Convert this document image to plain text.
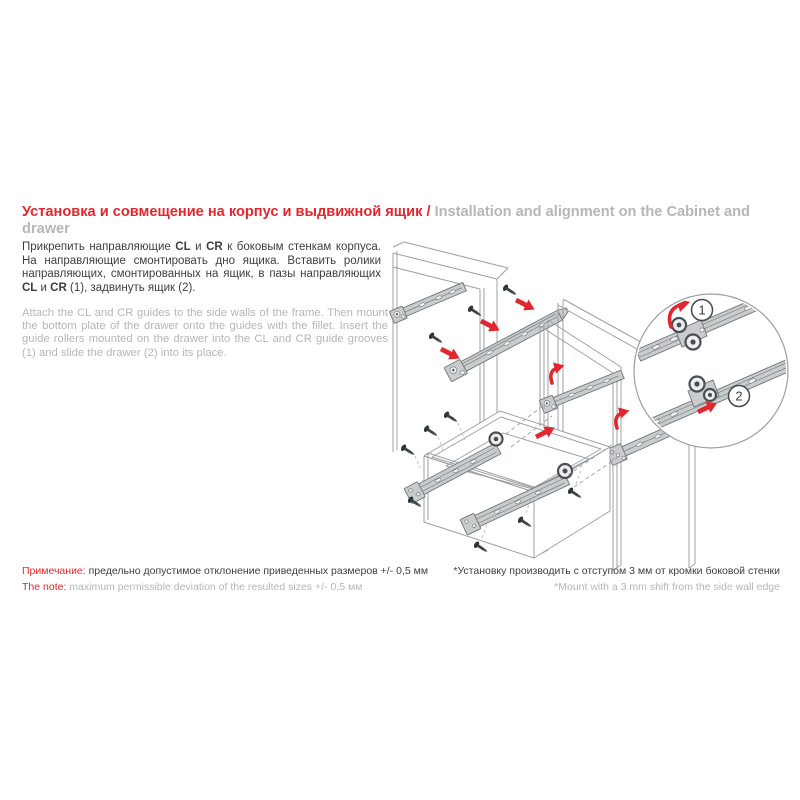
Установка и совмещение на корпус и выдвижной ящик / Installation and alignment on the Cabinet and drawer

Прикрепить направляющие CL и CR к боковым стенкам корпуса. На направляющие смонтировать дно ящика. Вставить ролики направляющих, смонтированных на ящик, в пазы направляющих CL и CR (1), задвинуть ящик (2).

Attach the CL and CR guides to the side walls of the frame. Then mount the bottom plate of the drawer onto the guides with the fillet. Insert the guide rollers mounted on the drawer into the CL and CR guide grooves (1) and slide the drawer (2) into its place.

1
2
Примечание: предельно допустимое отклонение приведенных размеров +/- 0,5 мм
The note: maximum permissible deviation of the resulted sizes +/- 0,5 мм
*Установку производить с отступом 3 мм от кромки боковой стенки
*Mount with a 3 mm shift from the side wall edge
